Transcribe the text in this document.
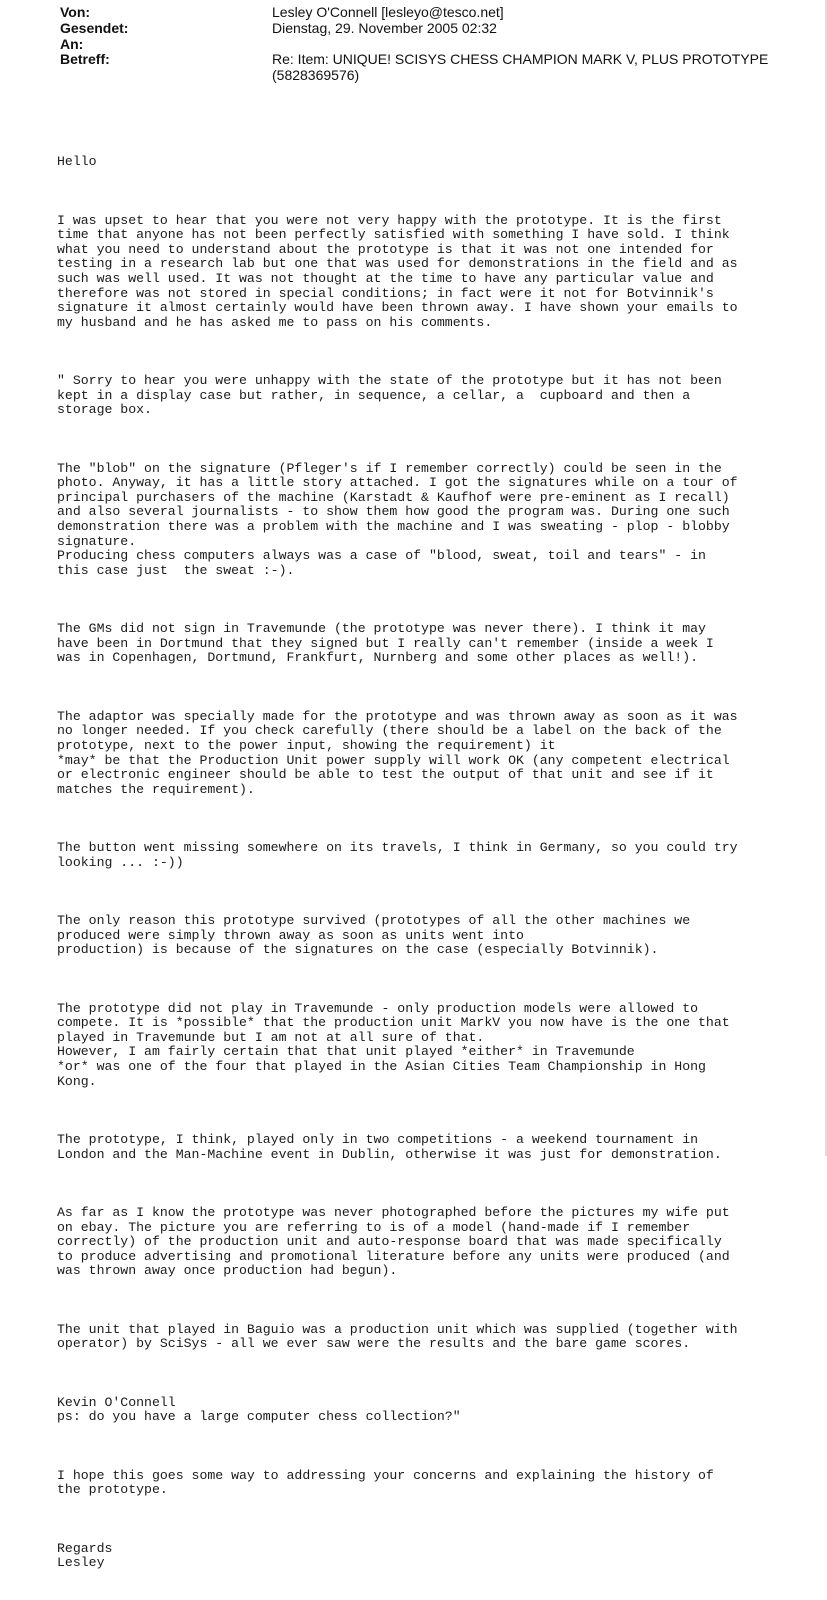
Von:	Lesley O'Connell [lesleyo@tesco.net]
Gesendet:	Dienstag, 29. November 2005 02:32
An:
Betreff:	Re: Item: UNIQUE! SCISYS CHESS CHAMPION MARK V, PLUS PROTOTYPE (5828369576)

Hello

I was upset to hear that you were not very happy with the prototype. It is the first
time that anyone has not been perfectly satisfied with something I have sold. I think
what you need to understand about the prototype is that it was not one intended for
testing in a research lab but one that was used for demonstrations in the field and as
such was well used. It was not thought at the time to have any particular value and
therefore was not stored in special conditions; in fact were it not for Botvinnik's
signature it almost certainly would have been thrown away. I have shown your emails to
my husband and he has asked me to pass on his comments.

" Sorry to hear you were unhappy with the state of the prototype but it has not been
kept in a display case but rather, in sequence, a cellar, a  cupboard and then a
storage box.

The "blob" on the signature (Pfleger's if I remember correctly) could be seen in the
photo. Anyway, it has a little story attached. I got the signatures while on a tour of
principal purchasers of the machine (Karstadt & Kaufhof were pre-eminent as I recall)
and also several journalists - to show them how good the program was. During one such
demonstration there was a problem with the machine and I was sweating - plop - blobby
signature.
Producing chess computers always was a case of "blood, sweat, toil and tears" - in
this case just  the sweat :-).

The GMs did not sign in Travemunde (the prototype was never there). I think it may
have been in Dortmund that they signed but I really can't remember (inside a week I
was in Copenhagen, Dortmund, Frankfurt, Nurnberg and some other places as well!).

The adaptor was specially made for the prototype and was thrown away as soon as it was
no longer needed. If you check carefully (there should be a label on the back of the
prototype, next to the power input, showing the requirement) it
*may* be that the Production Unit power supply will work OK (any competent electrical
or electronic engineer should be able to test the output of that unit and see if it
matches the requirement).

The button went missing somewhere on its travels, I think in Germany, so you could try
looking ... :-))

The only reason this prototype survived (prototypes of all the other machines we
produced were simply thrown away as soon as units went into
production) is because of the signatures on the case (especially Botvinnik).

The prototype did not play in Travemunde - only production models were allowed to
compete. It is *possible* that the production unit MarkV you now have is the one that
played in Travemunde but I am not at all sure of that.
However, I am fairly certain that that unit played *either* in Travemunde
*or* was one of the four that played in the Asian Cities Team Championship in Hong
Kong.

The prototype, I think, played only in two competitions - a weekend tournament in
London and the Man-Machine event in Dublin, otherwise it was just for demonstration.

As far as I know the prototype was never photographed before the pictures my wife put
on ebay. The picture you are referring to is of a model (hand-made if I remember
correctly) of the production unit and auto-response board that was made specifically
to produce advertising and promotional literature before any units were produced (and
was thrown away once production had begun).

The unit that played in Baguio was a production unit which was supplied (together with
operator) by SciSys - all we ever saw were the results and the bare game scores.

Kevin O'Connell
ps: do you have a large computer chess collection?"

I hope this goes some way to addressing your concerns and explaining the history of
the prototype.

Regards
Lesley
